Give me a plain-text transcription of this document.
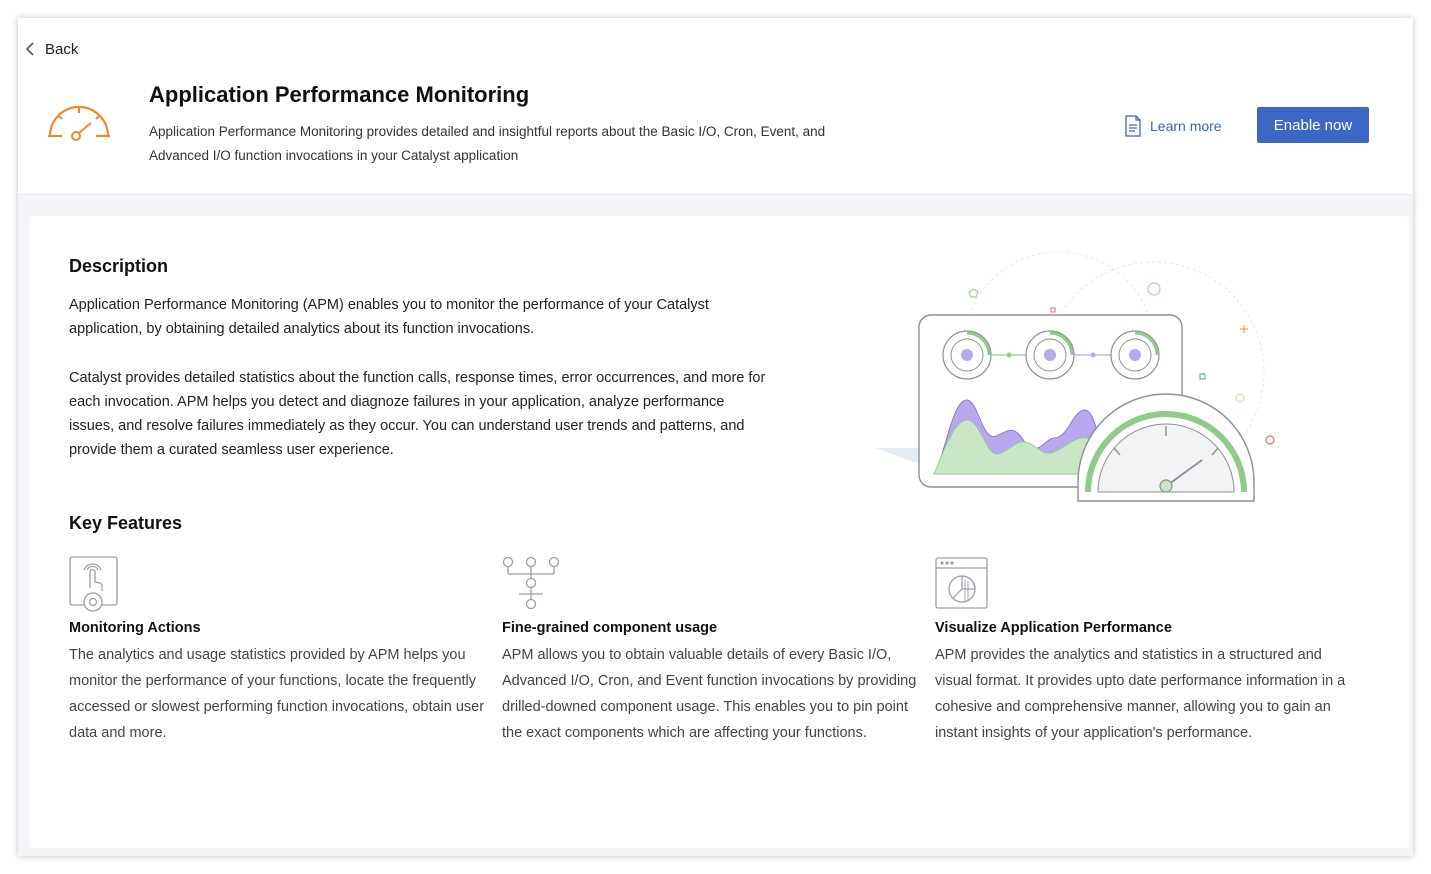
Back
Application Performance Monitoring
Application Performance Monitoring provides detailed and insightful reports about the Basic I/O, Cron, Event, and Advanced I/O function invocations in your Catalyst application
Learn more	Enable now
Description
Application Performance Monitoring (APM) enables you to monitor the performance of your Catalyst application, by obtaining detailed analytics about its function invocations.
Catalyst provides detailed statistics about the function calls, response times, error occurrences, and more for each invocation. APM helps you detect and diagnoze failures in your application, analyze performance issues, and resolve failures immediately as they occur. You can understand user trends and patterns, and provide them a curated seamless user experience.
Key Features
Monitoring Actions
The analytics and usage statistics provided by APM helps you monitor the performance of your functions, locate the frequently accessed or slowest performing function invocations, obtain user data and more.
Fine-grained component usage
APM allows you to obtain valuable details of every Basic I/O, Advanced I/O, Cron, and Event function invocations by providing drilled-downed component usage. This enables you to pin point the exact components which are affecting your functions.
Visualize Application Performance
APM provides the analytics and statistics in a structured and visual format. It provides upto date performance information in a cohesive and comprehensive manner, allowing you to gain an instant insights of your application's performance.
